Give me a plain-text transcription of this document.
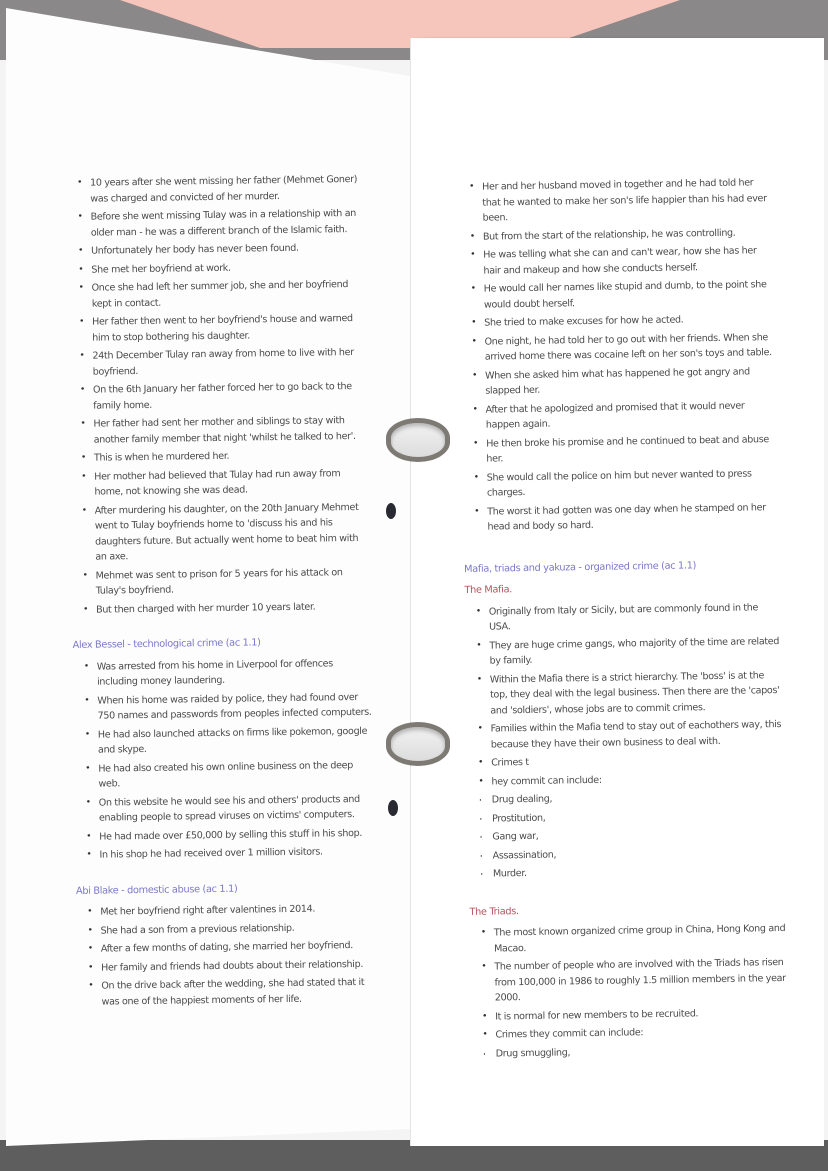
• 10 years after she went missing her father (Mehmet Goner) was charged and convicted of her murder.
• Before she went missing Tulay was in a relationship with an older man - he was a different branch of the Islamic faith.
• Unfortunately her body has never been found.
• She met her boyfriend at work.
• Once she had left her summer job, she and her boyfriend kept in contact.
• Her father then went to her boyfriend's house and warned him to stop bothering his daughter.
• 24th December Tulay ran away from home to live with her boyfriend.
• On the 6th January her father forced her to go back to the family home.
• Her father had sent her mother and siblings to stay with another family member that night 'whilst he talked to her'.
• This is when he murdered her.
• Her mother had believed that Tulay had run away from home, not knowing she was dead.
• After murdering his daughter, on the 20th January Mehmet went to Tulay boyfriends home to 'discuss his and his daughters future. But actually went home to beat him with an axe.
• Mehmet was sent to prison for 5 years for his attack on Tulay's boyfriend.
• But then charged with her murder 10 years later.
Alex Bessel - technological crime (ac 1.1)
• Was arrested from his home in Liverpool for offences including money laundering.
• When his home was raided by police, they had found over 750 names and passwords from peoples infected computers.
• He had also launched attacks on firms like pokemon, google and skype.
• He had also created his own online business on the deep web.
• On this website he would see his and others' products and enabling people to spread viruses on victims' computers.
• He had made over £50,000 by selling this stuff in his shop.
• In his shop he had received over 1 million visitors.
Abi Blake - domestic abuse (ac 1.1)
• Met her boyfriend right after valentines in 2014.
• She had a son from a previous relationship.
• After a few months of dating, she married her boyfriend.
• Her family and friends had doubts about their relationship.
• On the drive back after the wedding, she had stated that it was one of the happiest moments of her life.
• Her and her husband moved in together and he had told her that he wanted to make her son's life happier than his had ever been.
• But from the start of the relationship, he was controlling.
• He was telling what she can and can't wear, how she has her hair and makeup and how she conducts herself.
• He would call her names like stupid and dumb, to the point she would doubt herself.
• She tried to make excuses for how he acted.
• One night, he had told her to go out with her friends. When she arrived home there was cocaine left on her son's toys and table.
• When she asked him what has happened he got angry and slapped her.
• After that he apologized and promised that it would never happen again.
• He then broke his promise and he continued to beat and abuse her.
• She would call the police on him but never wanted to press charges.
• The worst it had gotten was one day when he stamped on her head and body so hard.
Mafia, triads and yakuza - organized crime (ac 1.1)
The Mafia.
• Originally from Italy or Sicily, but are commonly found in the USA.
• They are huge crime gangs, who majority of the time are related by family.
• Within the Mafia there is a strict hierarchy. The 'boss' is at the top, they deal with the legal business. Then there are the 'capos' and 'soldiers', whose jobs are to commit crimes.
• Families within the Mafia tend to stay out of eachothers way, this because they have their own business to deal with.
• Crimes t
• hey commit can include:
· Drug dealing,
· Prostitution,
· Gang war,
· Assassination,
· Murder.
The Triads.
• The most known organized crime group in China, Hong Kong and Macao.
• The number of people who are involved with the Triads has risen from 100,000 in 1986 to roughly 1.5 million members in the year 2000.
• It is normal for new members to be recruited.
• Crimes they commit can include:
· Drug smuggling,
